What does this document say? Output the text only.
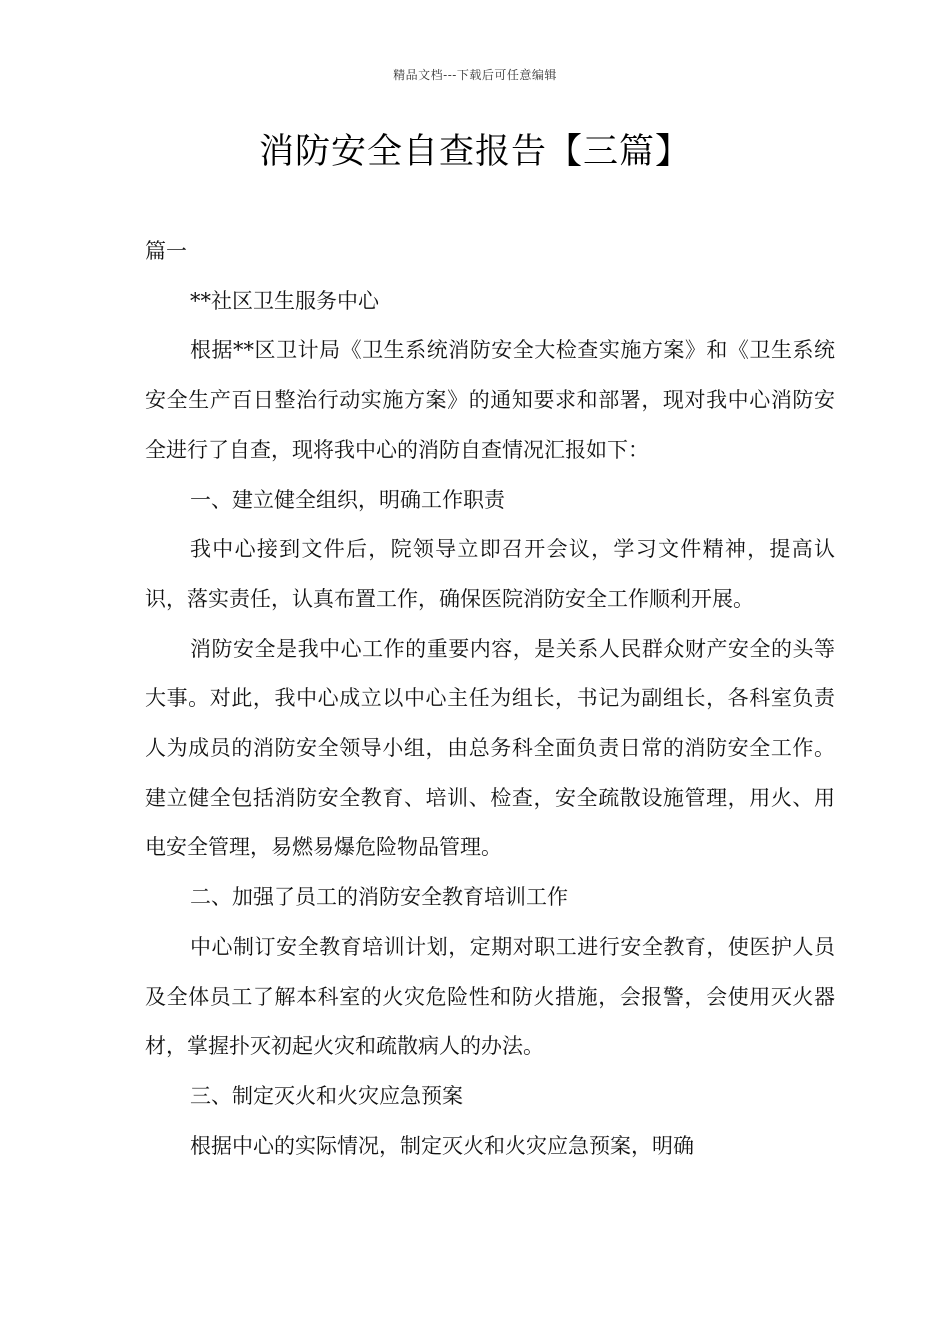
精品文档---下载后可任意编辑
消防安全自查报告【三篇】

篇一

**社区卫生服务中心

根据**区卫计局《卫生系统消防安全大检查实施方案》和《卫生系统安全生产百日整治行动实施方案》的通知要求和部署，现对我中心消防安全进行了自查，现将我中心的消防自查情况汇报如下：

一、建立健全组织，明确工作职责

我中心接到文件后，院领导立即召开会议，学习文件精神，提高认识，落实责任，认真布置工作，确保医院消防安全工作顺利开展。

消防安全是我中心工作的重要内容，是关系人民群众财产安全的头等大事。对此，我中心成立以中心主任为组长，书记为副组长，各科室负责人为成员的消防安全领导小组，由总务科全面负责日常的消防安全工作。建立健全包括消防安全教育、培训、检查，安全疏散设施管理，用火、用电安全管理，易燃易爆危险物品管理。

二、加强了员工的消防安全教育培训工作

中心制订安全教育培训计划，定期对职工进行安全教育，使医护人员及全体员工了解本科室的火灾危险性和防火措施，会报警，会使用灭火器材，掌握扑灭初起火灾和疏散病人的办法。

三、制定灭火和火灾应急预案

根据中心的实际情况，制定灭火和火灾应急预案，明确
